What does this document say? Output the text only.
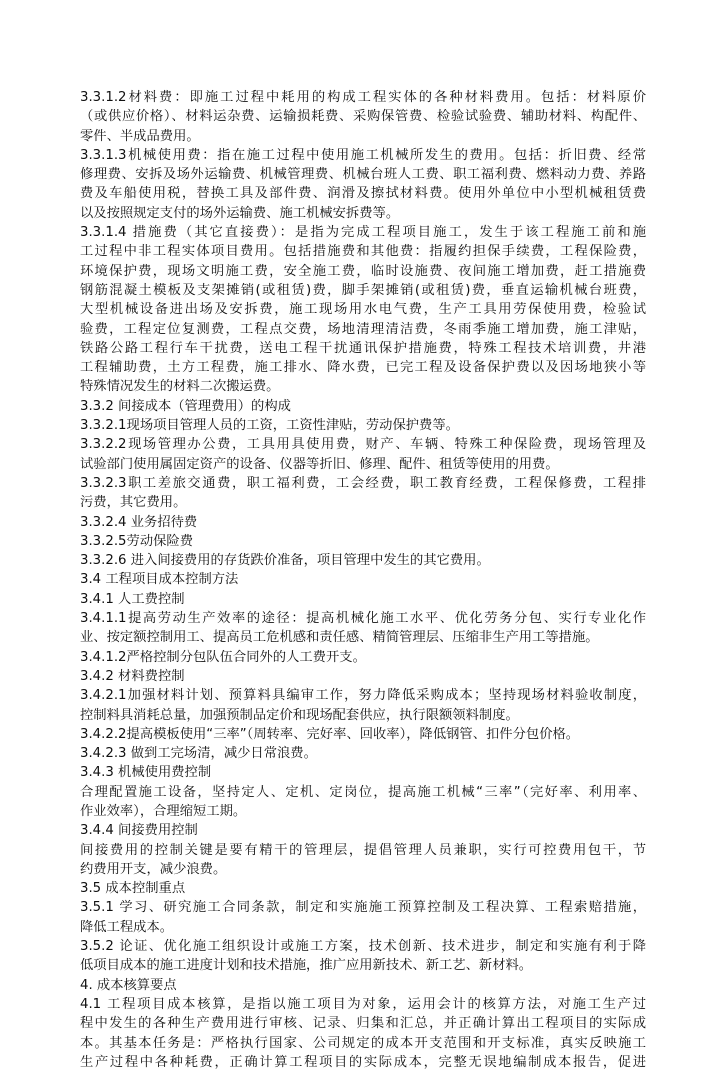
3.3.1.2材料费：即施工过程中耗用的构成工程实体的各种材料费用。包括：材料原价
（或供应价格）、材料运杂费、运输损耗费、采购保管费、检验试验费、辅助材料、构配件、
零件、半成品费用。
3.3.1.3机械使用费：指在施工过程中使用施工机械所发生的费用。包括：折旧费、经常
修理费、安拆及场外运输费、机械管理费、机械台班人工费、职工福利费、燃料动力费、养路
费及车船使用税，替换工具及部件费、润滑及擦拭材料费。使用外单位中小型机械租赁费
以及按照规定支付的场外运输费、施工机械安拆费等。
3.3.1.4 措施费（其它直接费）：是指为完成工程项目施工，发生于该工程施工前和施
工过程中非工程实体项目费用。包括措施费和其他费：指履约担保手续费，工程保险费，
环境保护费，现场文明施工费，安全施工费，临时设施费、夜间施工增加费，赶工措施费
钢筋混凝土模板及支架摊销(或租赁)费，脚手架摊销(或租赁)费，垂直运输机械台班费，
大型机械设备进出场及安拆费，施工现场用水电气费，生产工具用劳保使用费，检验试
验费，工程定位复测费，工程点交费，场地清理清洁费，冬雨季施工增加费，施工津贴，
铁路公路工程行车干扰费，送电工程干扰通讯保护措施费，特殊工程技术培训费，井港
工程辅助费，土方工程费，施工排水、降水费，已完工程及设备保护费以及因场地狭小等
特殊情况发生的材料二次搬运费。
3.3.2 间接成本（管理费用）的构成
3.3.2.1现场项目管理人员的工资，工资性津贴，劳动保护费等。
3.3.2.2现场管理办公费，工具用具使用费，财产、车辆、特殊工种保险费，现场管理及
试验部门使用属固定资产的设备、仪器等折旧、修理、配件、租赁等使用的用费。
3.3.2.3职工差旅交通费，职工福利费，工会经费，职工教育经费，工程保修费，工程排
污费，其它费用。
3.3.2.4 业务招待费
3.3.2.5劳动保险费
3.3.2.6 进入间接费用的存货跌价准备，项目管理中发生的其它费用。
3.4 工程项目成本控制方法
3.4.1 人工费控制
3.4.1.1提高劳动生产效率的途径：提高机械化施工水平、优化劳务分包、实行专业化作
业、按定额控制用工、提高员工危机感和责任感、精简管理层、压缩非生产用工等措施。
3.4.1.2严格控制分包队伍合同外的人工费开支。
3.4.2 材料费控制
3.4.2.1加强材料计划、预算料具编审工作，努力降低采购成本；坚持现场材料验收制度，
控制料具消耗总量，加强预制品定价和现场配套供应，执行限额领料制度。
3.4.2.2提高模板使用“三率”（周转率、完好率、回收率），降低钢管、扣件分包价格。
3.4.2.3 做到工完场清，减少日常浪费。
3.4.3 机械使用费控制
合理配置施工设备，坚持定人、定机、定岗位，提高施工机械“三率”（完好率、利用率、
作业效率），合理缩短工期。
3.4.4 间接费用控制
间接费用的控制关键是要有精干的管理层，提倡管理人员兼职，实行可控费用包干，节
约费用开支，减少浪费。
3.5 成本控制重点
3.5.1 学习、研究施工合同条款，制定和实施施工预算控制及工程决算、工程索赔措施，
降低工程成本。
3.5.2 论证、优化施工组织设计或施工方案，技术创新、技术进步，制定和实施有利于降
低项目成本的施工进度计划和技术措施，推广应用新技术、新工艺、新材料。
4. 成本核算要点
4.1 工程项目成本核算，是指以施工项目为对象，运用会计的核算方法，对施工生产过
程中发生的各种生产费用进行审核、记录、归集和汇总，并正确计算出工程项目的实际成
本。其基本任务是：严格执行国家、公司规定的成本开支范围和开支标准，真实反映施工
生产过程中各种耗费，正确计算工程项目的实际成本，完整无误地编制成本报告，促进
